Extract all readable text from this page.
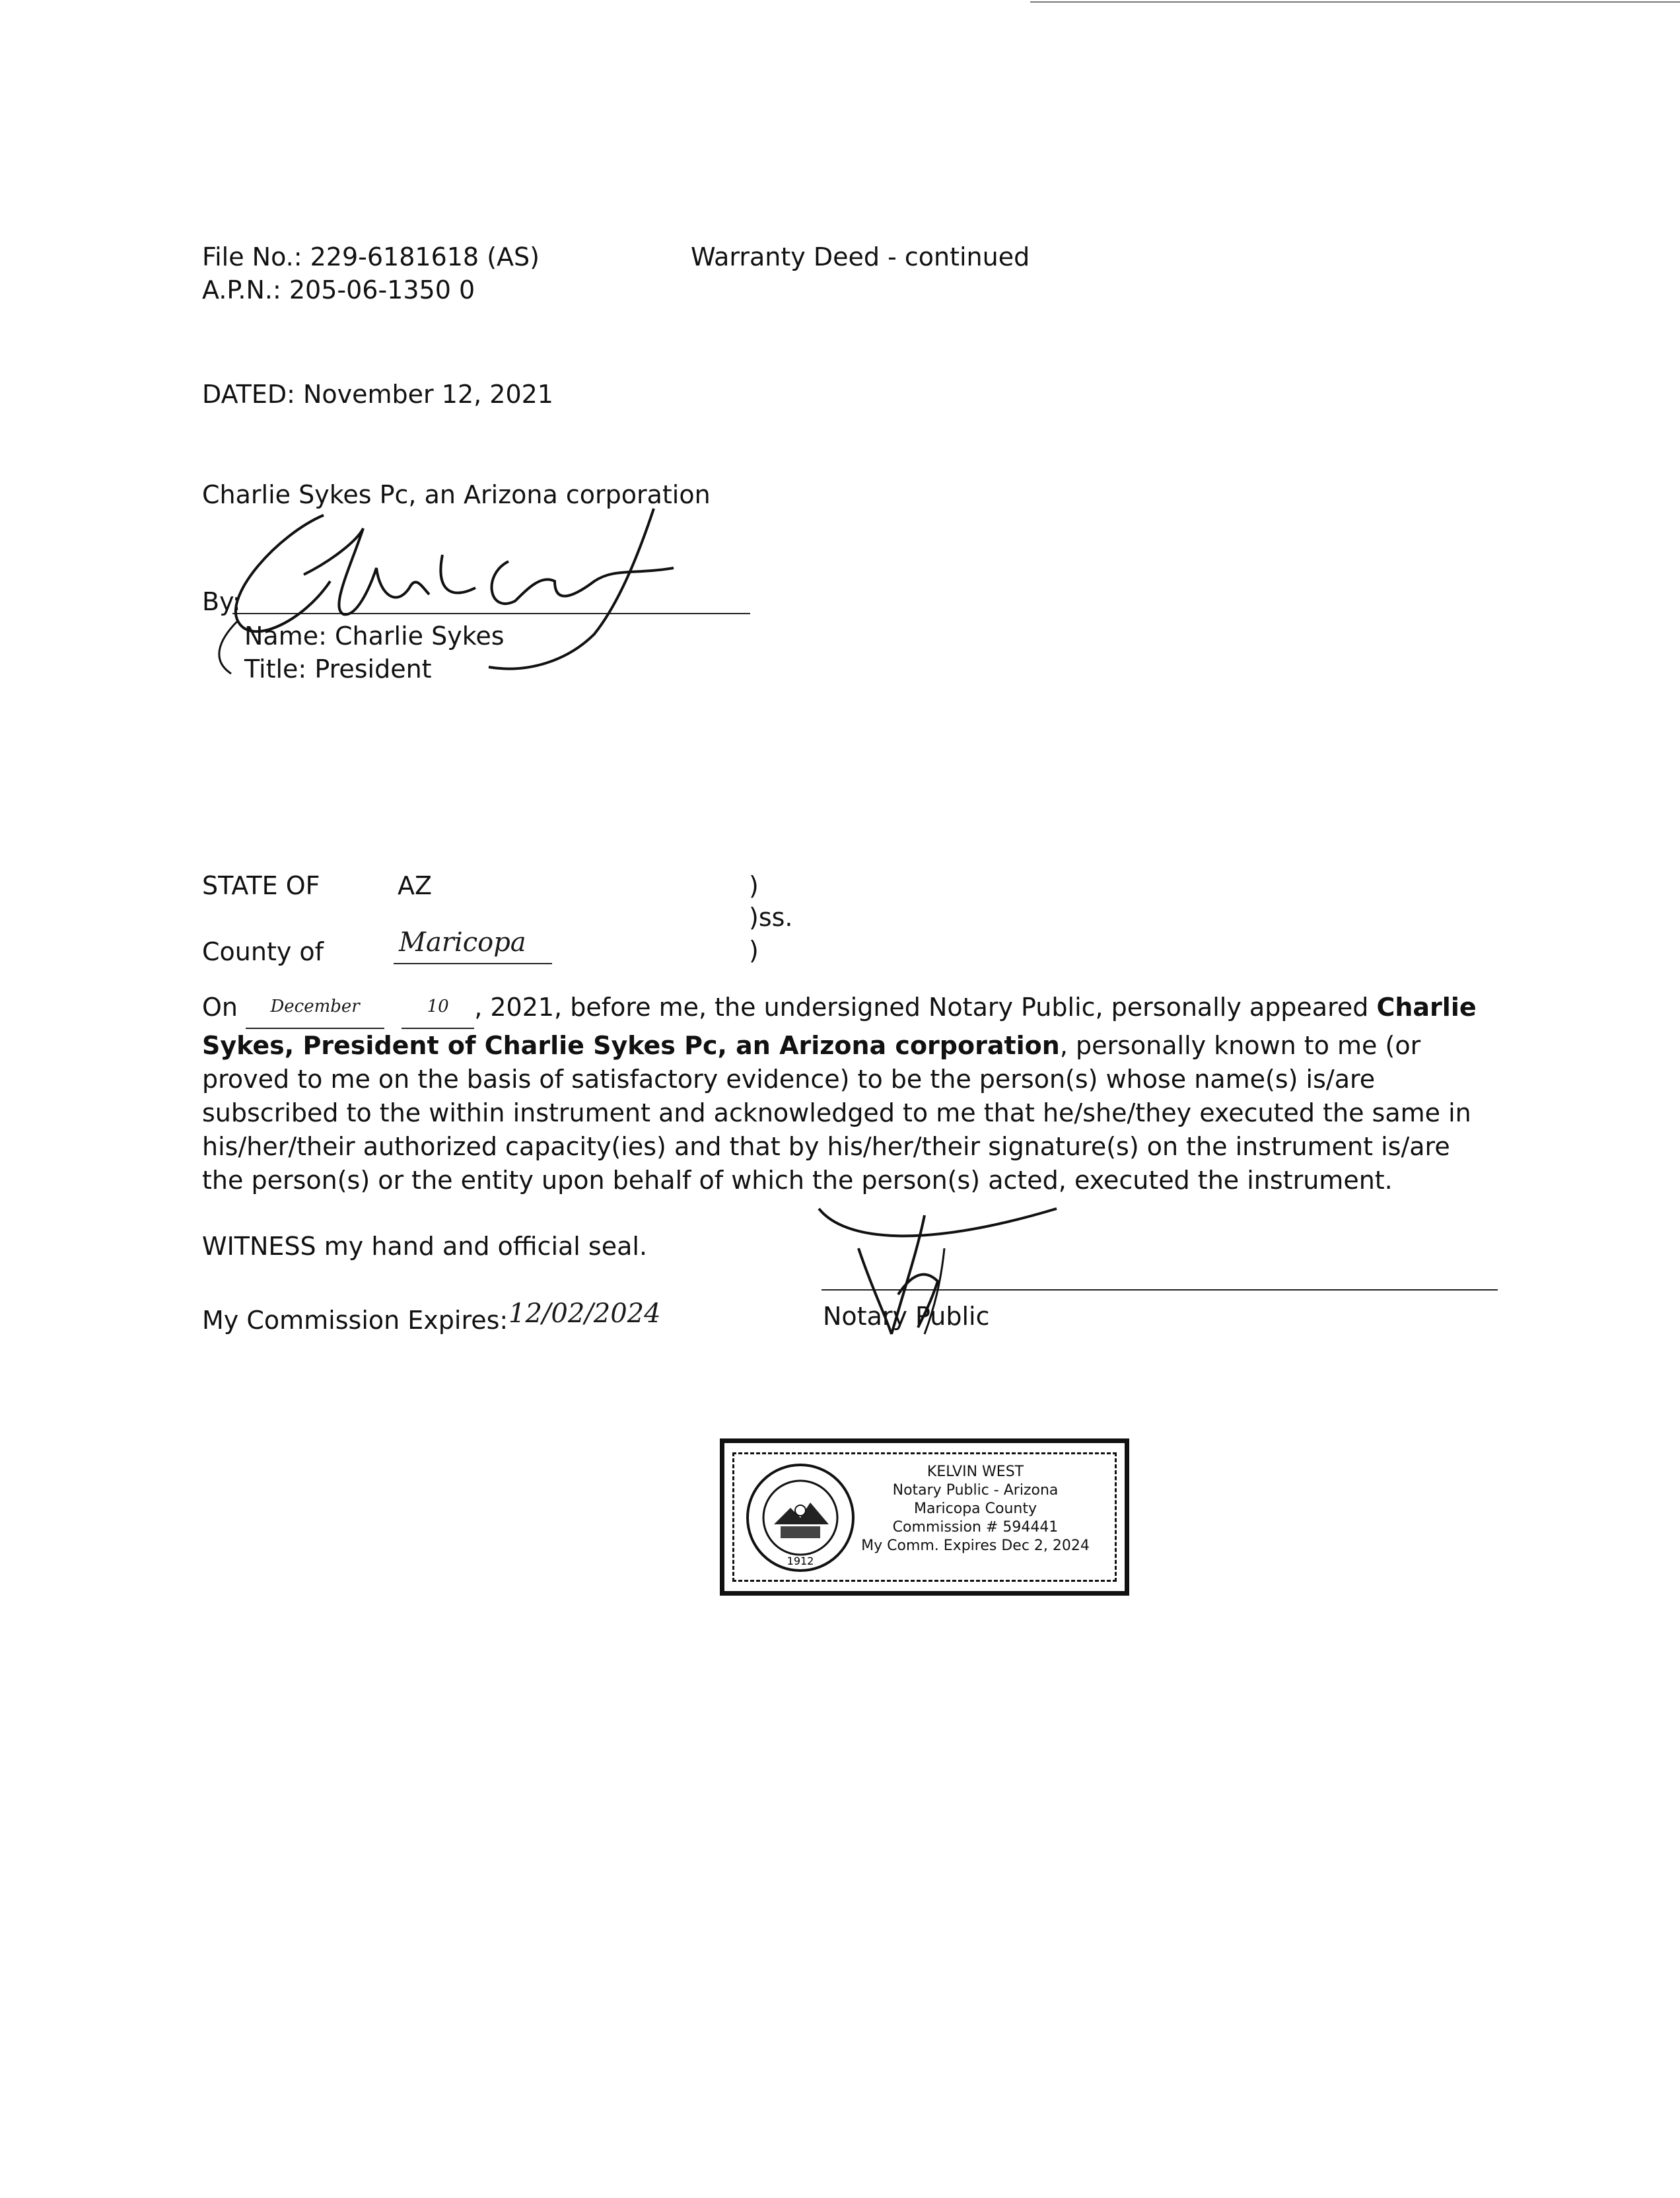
File No.: 229-6181618 (AS)
A.P.N.: 205-06-1350 0
Warranty Deed - continued
DATED: November 12, 2021
Charlie Sykes Pc, an Arizona corporation
By:
Name: Charlie Sykes
Title: President
STATE OF	AZ
County of	Maricopa
)
)ss.
)
On December	10 , 2021, before me, the undersigned Notary Public, personally appeared Charlie Sykes, President of Charlie Sykes Pc, an Arizona corporation, personally known to me (or proved to me on the basis of satisfactory evidence) to be the person(s) whose name(s) is/are subscribed to the within instrument and acknowledged to me that he/she/they executed the same in his/her/their authorized capacity(ies) and that by his/her/their signature(s) on the instrument is/are the person(s) or the entity upon behalf of which the person(s) acted, executed the instrument.
WITNESS my hand and official seal.
My Commission Expires: 12/02/2024	Notary Public
1912
KELVIN WEST
Notary Public - Arizona
Maricopa County
Commission # 594441
My Comm. Expires Dec 2, 2024
